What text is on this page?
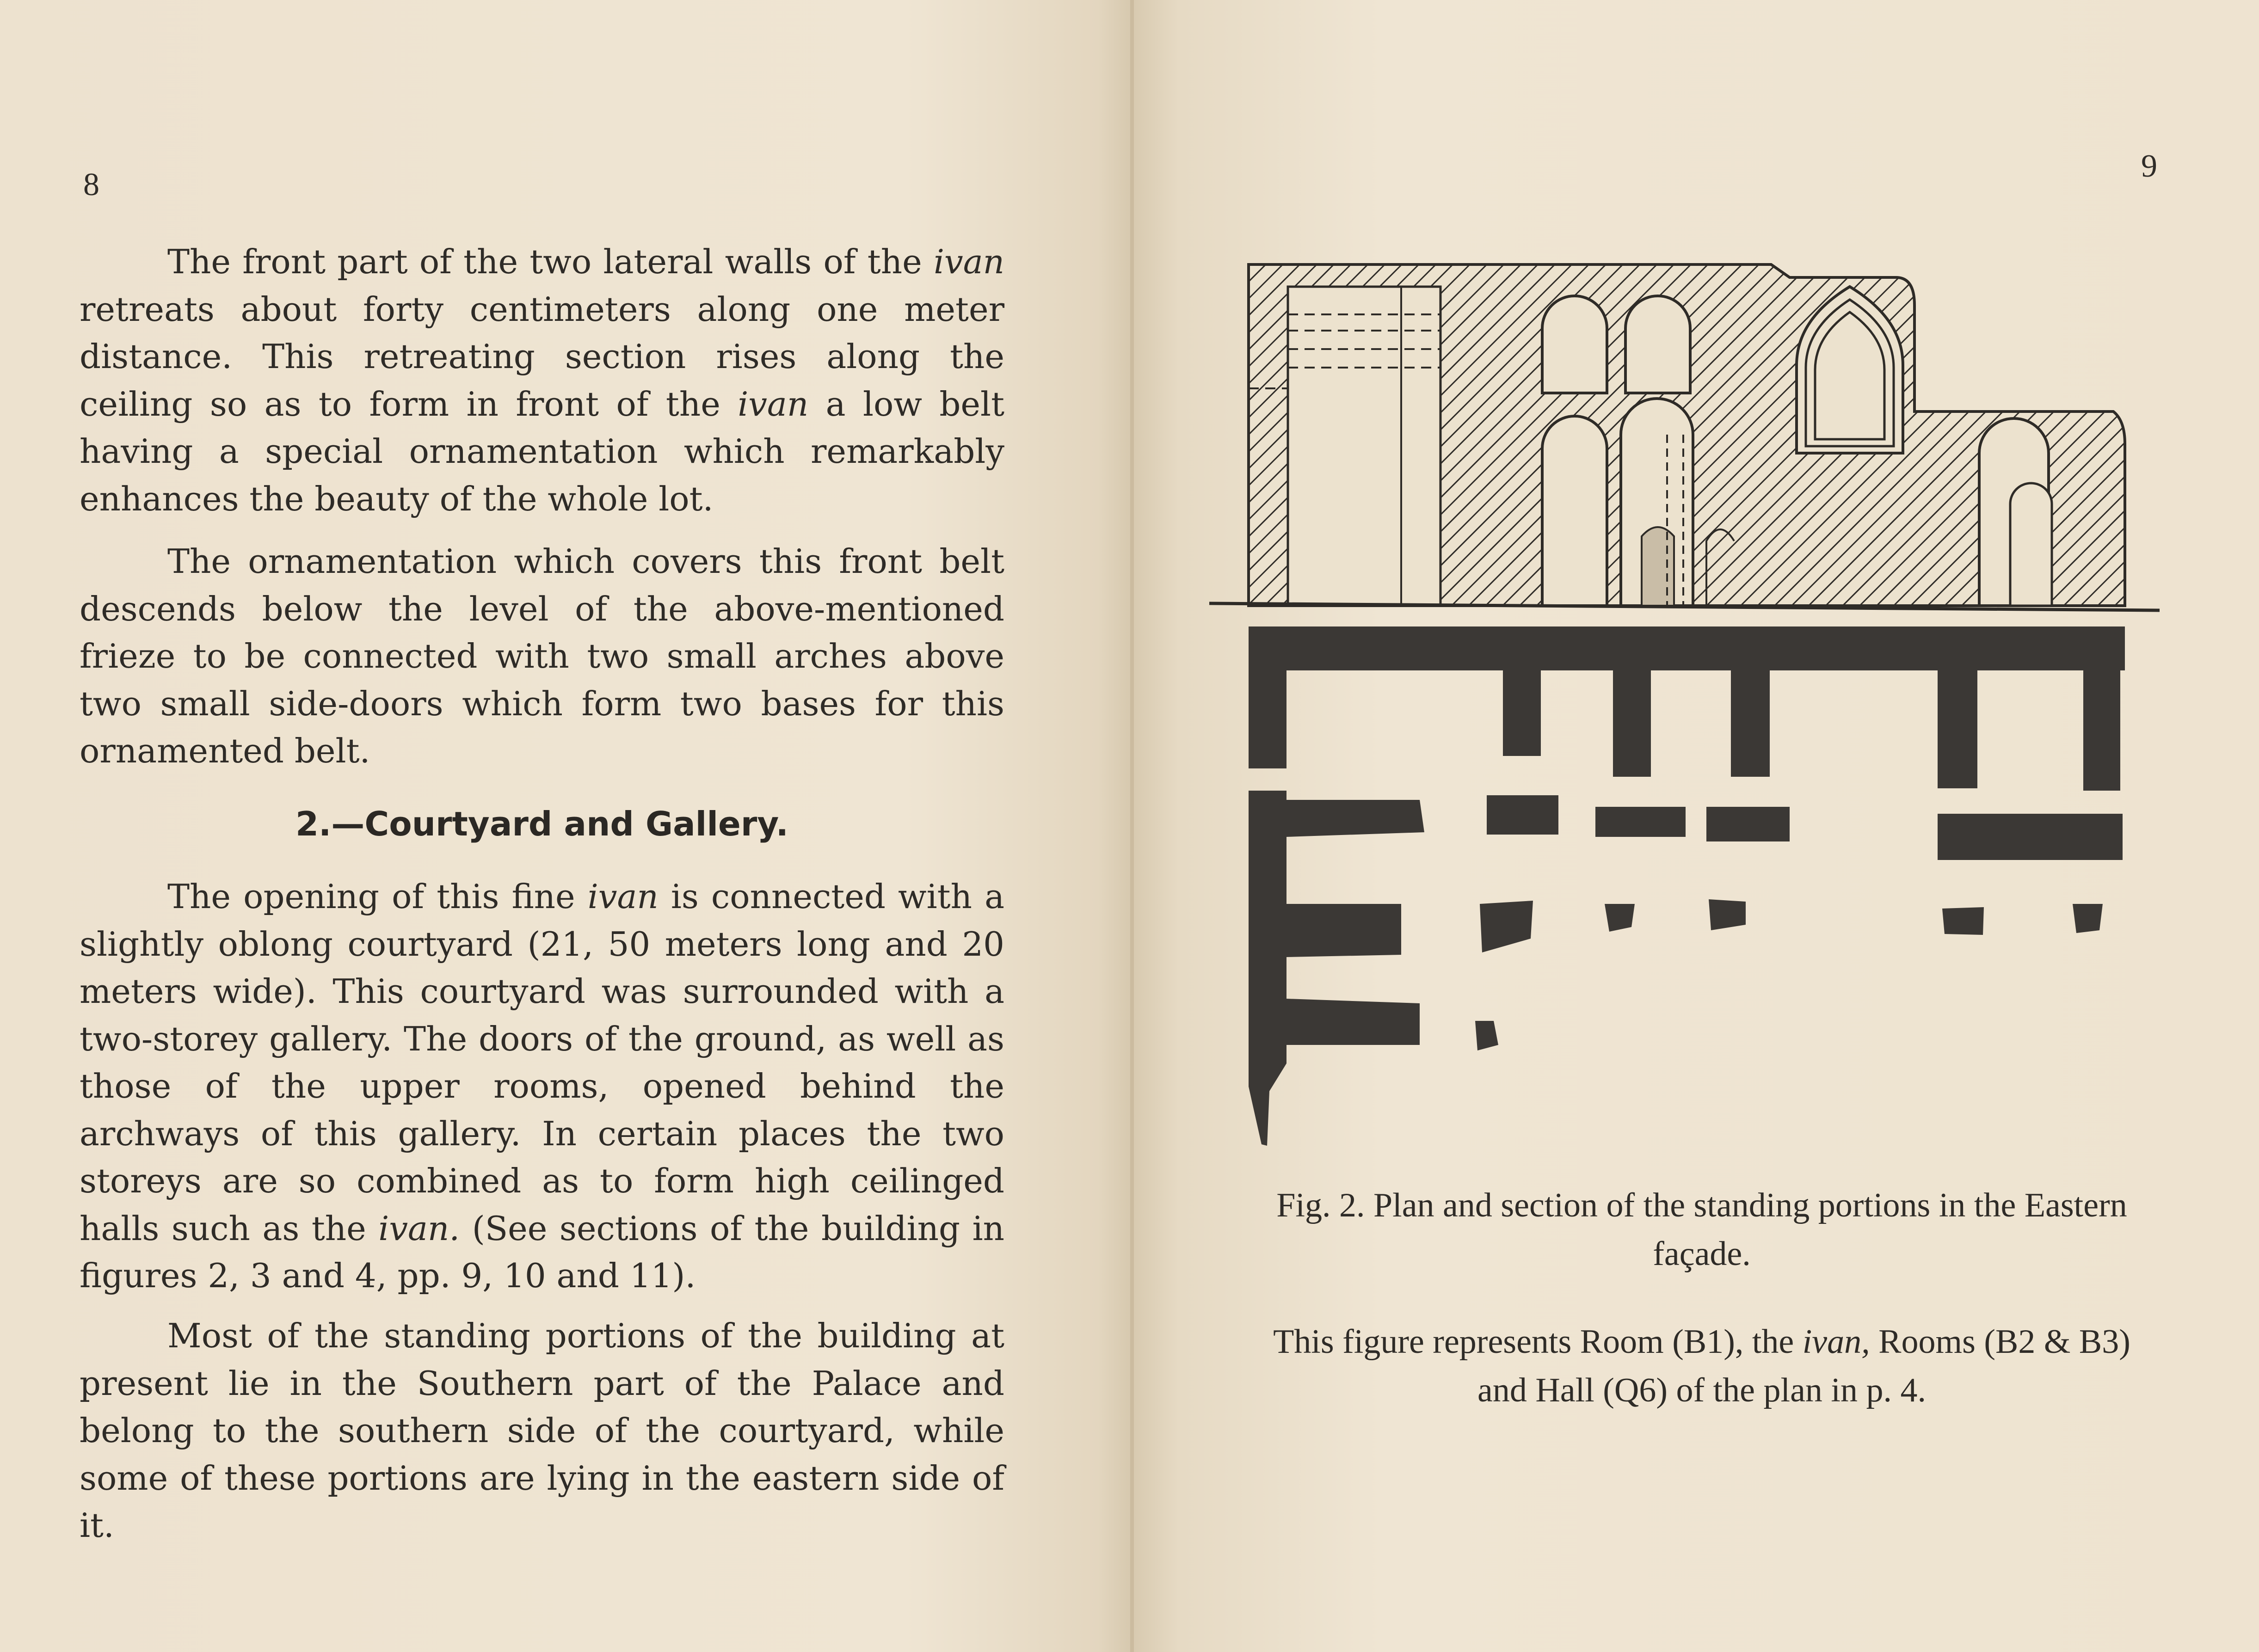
8
9

The front part of the two lateral walls of the ivan retreats about forty centimeters along one meter distance. This retreating section rises along the ceiling so as to form in front of the ivan a low belt having a special ornamentation which remarkably enhances the beauty of the whole lot.

The ornamentation which covers this front belt descends below the level of the above-mentioned frieze to be connected with two small arches above two small side-doors which form two bases for this ornamented belt.

2.—Courtyard and Gallery.

The opening of this fine ivan is connected with a slightly oblong courtyard (21, 50 meters long and 20 meters wide). This courtyard was surrounded with a two-storey gallery. The doors of the ground, as well as those of the upper rooms, opened behind the archways of this gallery. In certain places the two storeys are so combined as to form high ceilinged halls such as the ivan. (See sections of the building in figures 2, 3 and 4, pp. 9, 10 and 11).

Most of the standing portions of the building at present lie in the Southern part of the Palace and belong to the southern side of the courtyard, while some of these portions are lying in the eastern side of it.

Fig. 2. Plan and section of the standing portions in the Eastern façade.

This figure represents Room (B1), the ivan, Rooms (B2 & B3) and Hall (Q6) of the plan in p. 4.
